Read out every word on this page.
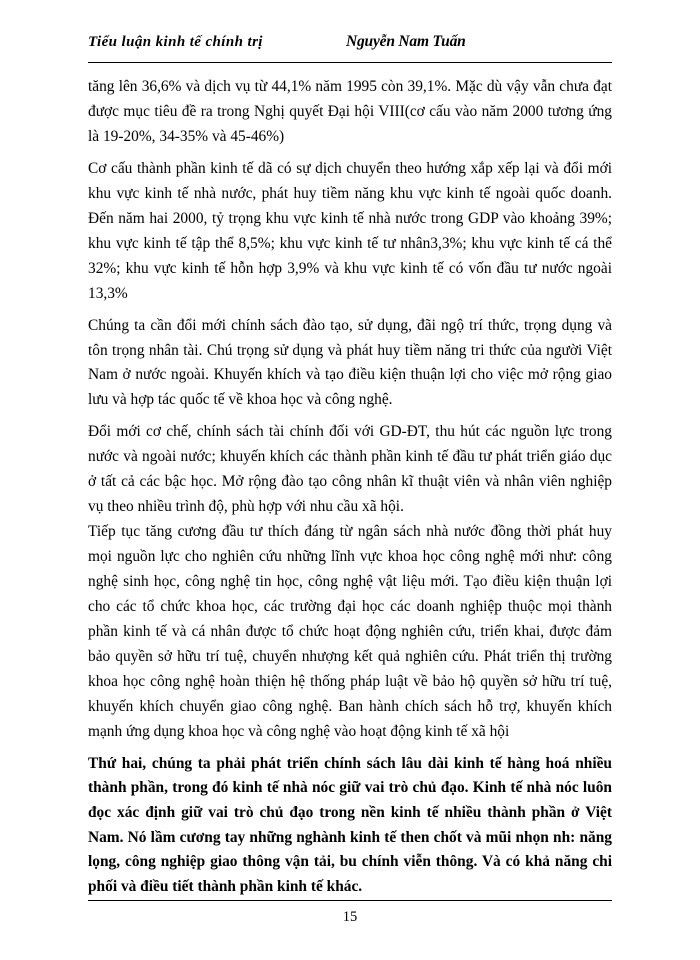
Tiểu luận kinh tế chính trị	Nguyễn Nam Tuấn

tăng lên 36,6% và dịch vụ từ 44,1% năm 1995 còn 39,1%. Mặc dù vậy vẫn chưa đạt được mục tiêu đề ra trong Nghị quyết Đại hội VIII(cơ cấu vào năm 2000 tương ứng là 19-20%, 34-35% và 45-46%)

Cơ cấu thành phần kinh tế dã có sự dịch chuyển theo hướng xắp xếp lại và đổi mới khu vực kinh tế nhà nước, phát huy tiềm năng khu vực kinh tế ngoài quốc doanh. Đến năm hai 2000, tỷ trọng khu vực kinh tế nhà nước trong GDP vào khoảng 39%; khu vực kinh tế tập thể 8,5%; khu vực kinh tế tư nhân3,3%; khu vực kinh tế cá thể 32%; khu vực kinh tế hỗn hợp 3,9% và khu vực kinh tế có vốn đầu tư nước ngoài 13,3%

Chúng ta cần đổi mới chính sách đào tạo, sử dụng, đãi ngộ trí thức, trọng dụng và tôn trọng nhân tài. Chú trọng sử dụng và phát huy tiềm năng tri thức của người Việt Nam ở nước ngoài. Khuyến khích và tạo điều kiện thuận lợi cho việc mở rộng giao lưu và hợp tác quốc tế về khoa học và công nghệ.

Đổi mới cơ chế, chính sách tài chính đối với GD-ĐT, thu hút các nguồn lực trong nước và ngoài nước; khuyến khích các thành phần kinh tế đầu tư phát triển giáo dục ở tất cả các bậc học. Mở rộng đào tạo công nhân kĩ thuật viên và nhân viên nghiệp vụ theo nhiều trình độ, phù hợp với nhu cầu xã hội.

Tiếp tục tăng cương đầu tư thích đáng từ ngân sách nhà nước đồng thời phát huy mọi nguồn lực cho nghiên cứu những lĩnh vực khoa học công nghệ mới như: công nghệ sinh học, công nghệ tin học, công nghệ vật liệu mới. Tạo điều kiện thuận lợi cho các tổ chức khoa học, các trường đại học các doanh nghiệp thuộc mọi thành phần kinh tế và cá nhân được tổ chức hoạt động nghiên cứu, triển khai, được đảm bảo quyền sở hữu trí tuệ, chuyển nhượng kết quả nghiên cứu. Phát triển thị trường khoa học công nghệ hoàn thiện hệ thống pháp luật về bảo hộ quyền sở hữu trí tuệ, khuyến khích chuyển giao công nghệ. Ban hành chích sách hỗ trợ, khuyến khích mạnh ứng dụng khoa học và công nghệ vào hoạt động kinh tế xã hội

Thứ hai, chúng ta phải phát triển chính sách lâu dài kinh tế hàng hoá nhiều thành phần, trong đó kinh tế nhà nóc giữ vai trò chủ đạo. Kinh tế nhà nóc luôn đọc xác định giữ vai trò chủ đạo trong nền kinh tế nhiều thành phần ở Việt Nam. Nó lầm cương tay những nghành kinh tế then chốt và mũi nhọn nh: năng lọng, công nghiệp giao thông vận tải, bu chính viễn thông. Và có khả năng chi phối và điều tiết thành phần kinh tế khác.

15
